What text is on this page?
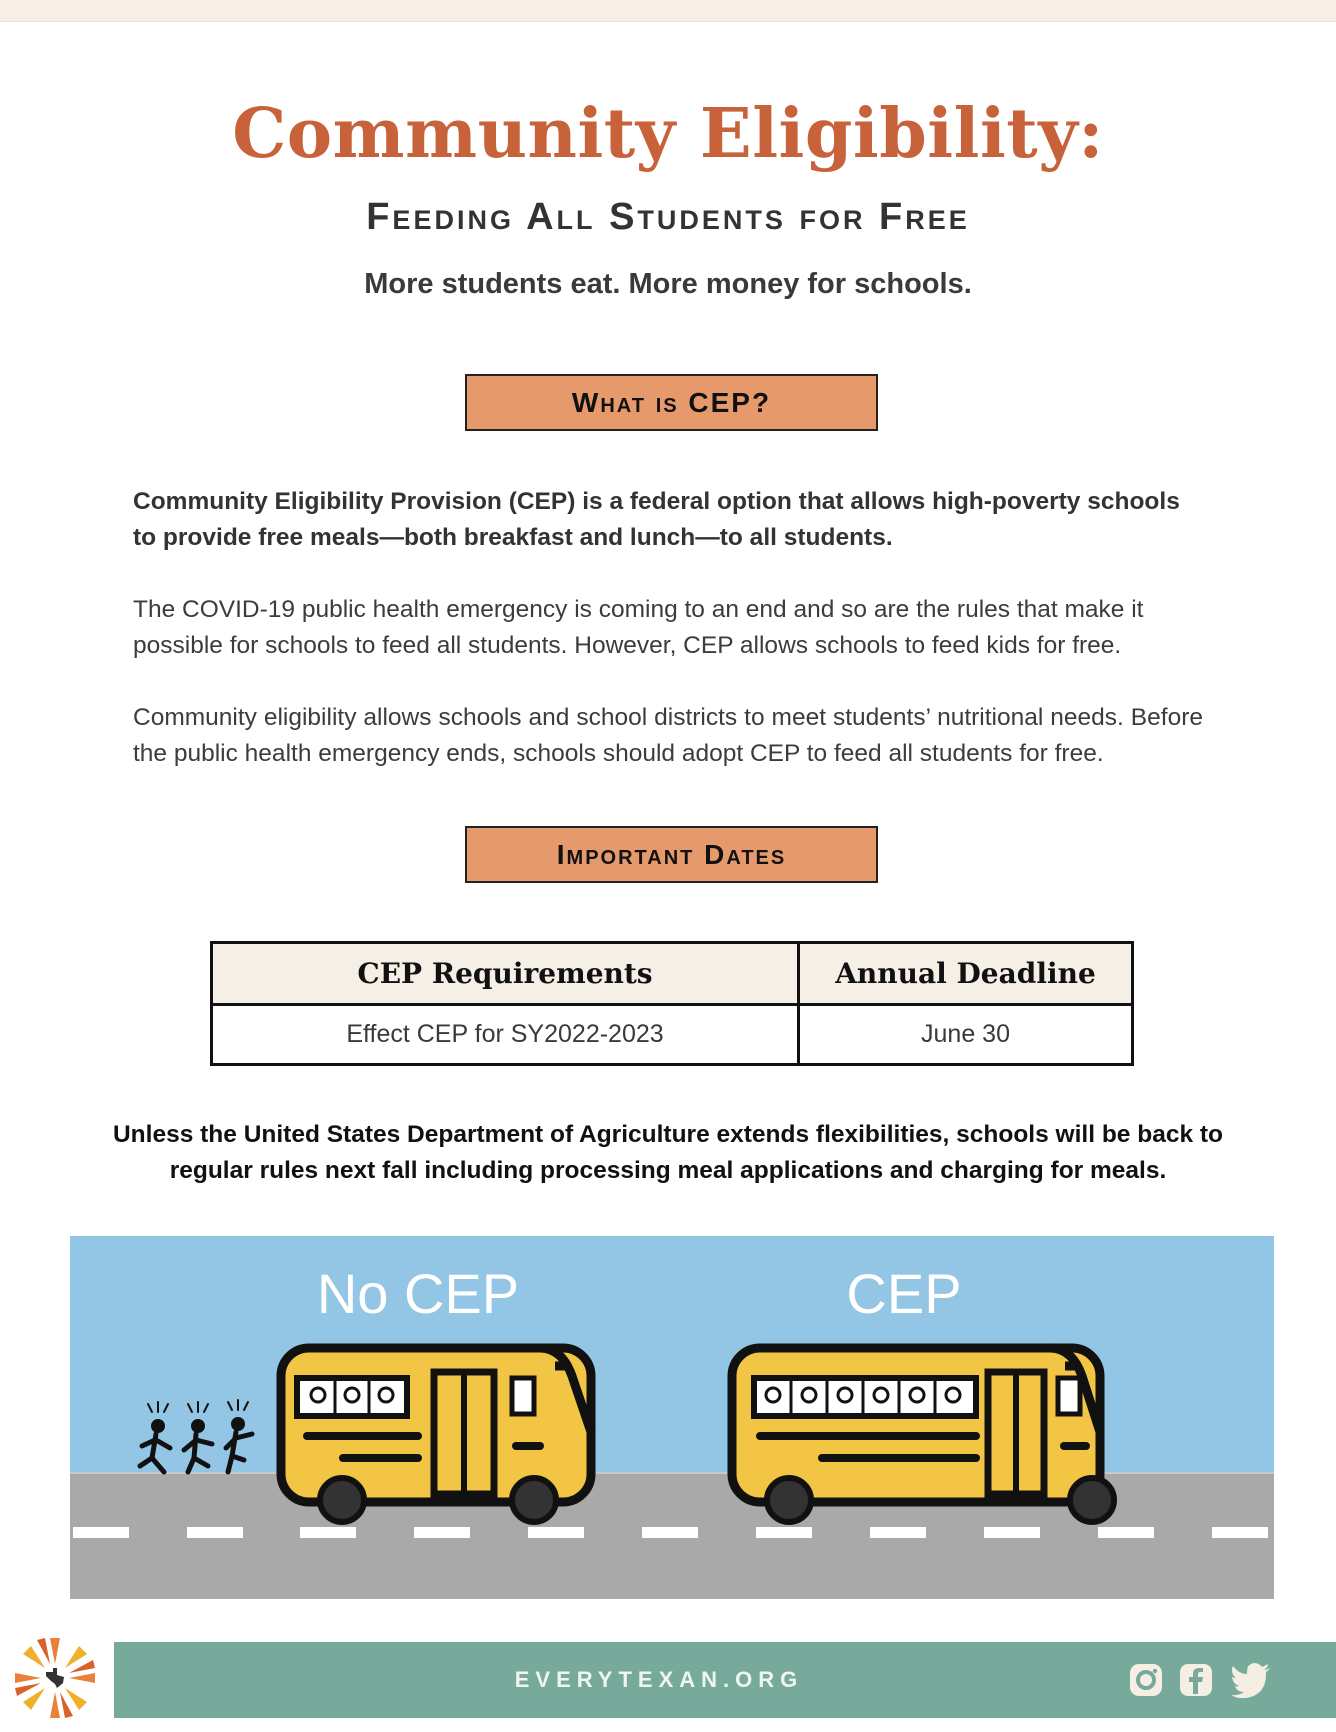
Community Eligibility:
Feeding All Students for Free
More students eat. More money for schools.
What is CEP?

Community Eligibility Provision (CEP) is a federal option that allows high-poverty schools to provide free meals—both breakfast and lunch—to all students.

The COVID-19 public health emergency is coming to an end and so are the rules that make it possible for schools to feed all students. However, CEP allows schools to feed kids for free.

Community eligibility allows schools and school districts to meet students’ nutritional needs. Before the public health emergency ends, schools should adopt CEP to feed all students for free.

Important Dates
CEP Requirements	Annual Deadline
Effect CEP for SY2022-2023	June 30

Unless the United States Department of Agriculture extends flexibilities, schools will be back to regular rules next fall including processing meal applications and charging for meals.

No CEP	CEP
EVERYTEXAN.ORG
